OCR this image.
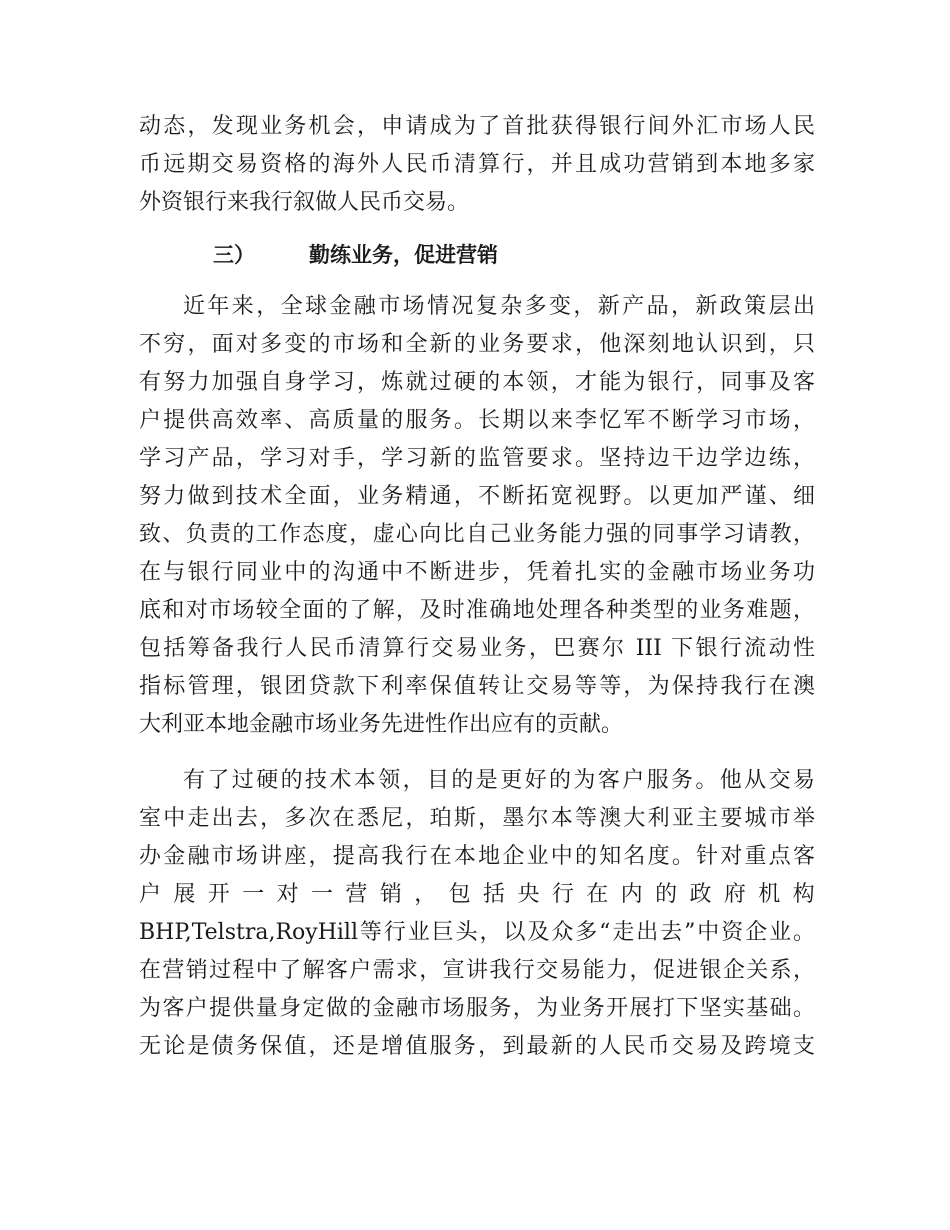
动态，发现业务机会，申请成为了首批获得银行间外汇市场人民
币远期交易资格的海外人民币清算行，并且成功营销到本地多家
外资银行来我行叙做人民币交易。
三）	勤练业务，促进营销
近年来，全球金融市场情况复杂多变，新产品，新政策层出
不穷，面对多变的市场和全新的业务要求，他深刻地认识到，只
有努力加强自身学习，炼就过硬的本领，才能为银行，同事及客
户提供高效率、高质量的服务。长期以来李忆军不断学习市场，
学习产品，学习对手，学习新的监管要求。坚持边干边学边练，
努力做到技术全面，业务精通，不断拓宽视野。以更加严谨、细
致、负责的工作态度，虚心向比自己业务能力强的同事学习请教，
在与银行同业中的沟通中不断进步，凭着扎实的金融市场业务功
底和对市场较全面的了解，及时准确地处理各种类型的业务难题，
包括筹备我行人民币清算行交易业务，巴赛尔 III 下银行流动性
指标管理，银团贷款下利率保值转让交易等等，为保持我行在澳
大利亚本地金融市场业务先进性作出应有的贡献。
有了过硬的技术本领，目的是更好的为客户服务。他从交易
室中走出去，多次在悉尼，珀斯，墨尔本等澳大利亚主要城市举
办金融市场讲座，提高我行在本地企业中的知名度。针对重点客
户展开一对一营销，包括央行在内的政府机构
BHP,Telstra,RoyHill等行业巨头，以及众多“走出去”中资企业。
在营销过程中了解客户需求，宣讲我行交易能力，促进银企关系，
为客户提供量身定做的金融市场服务，为业务开展打下坚实基础。
无论是债务保值，还是增值服务，到最新的人民币交易及跨境支
